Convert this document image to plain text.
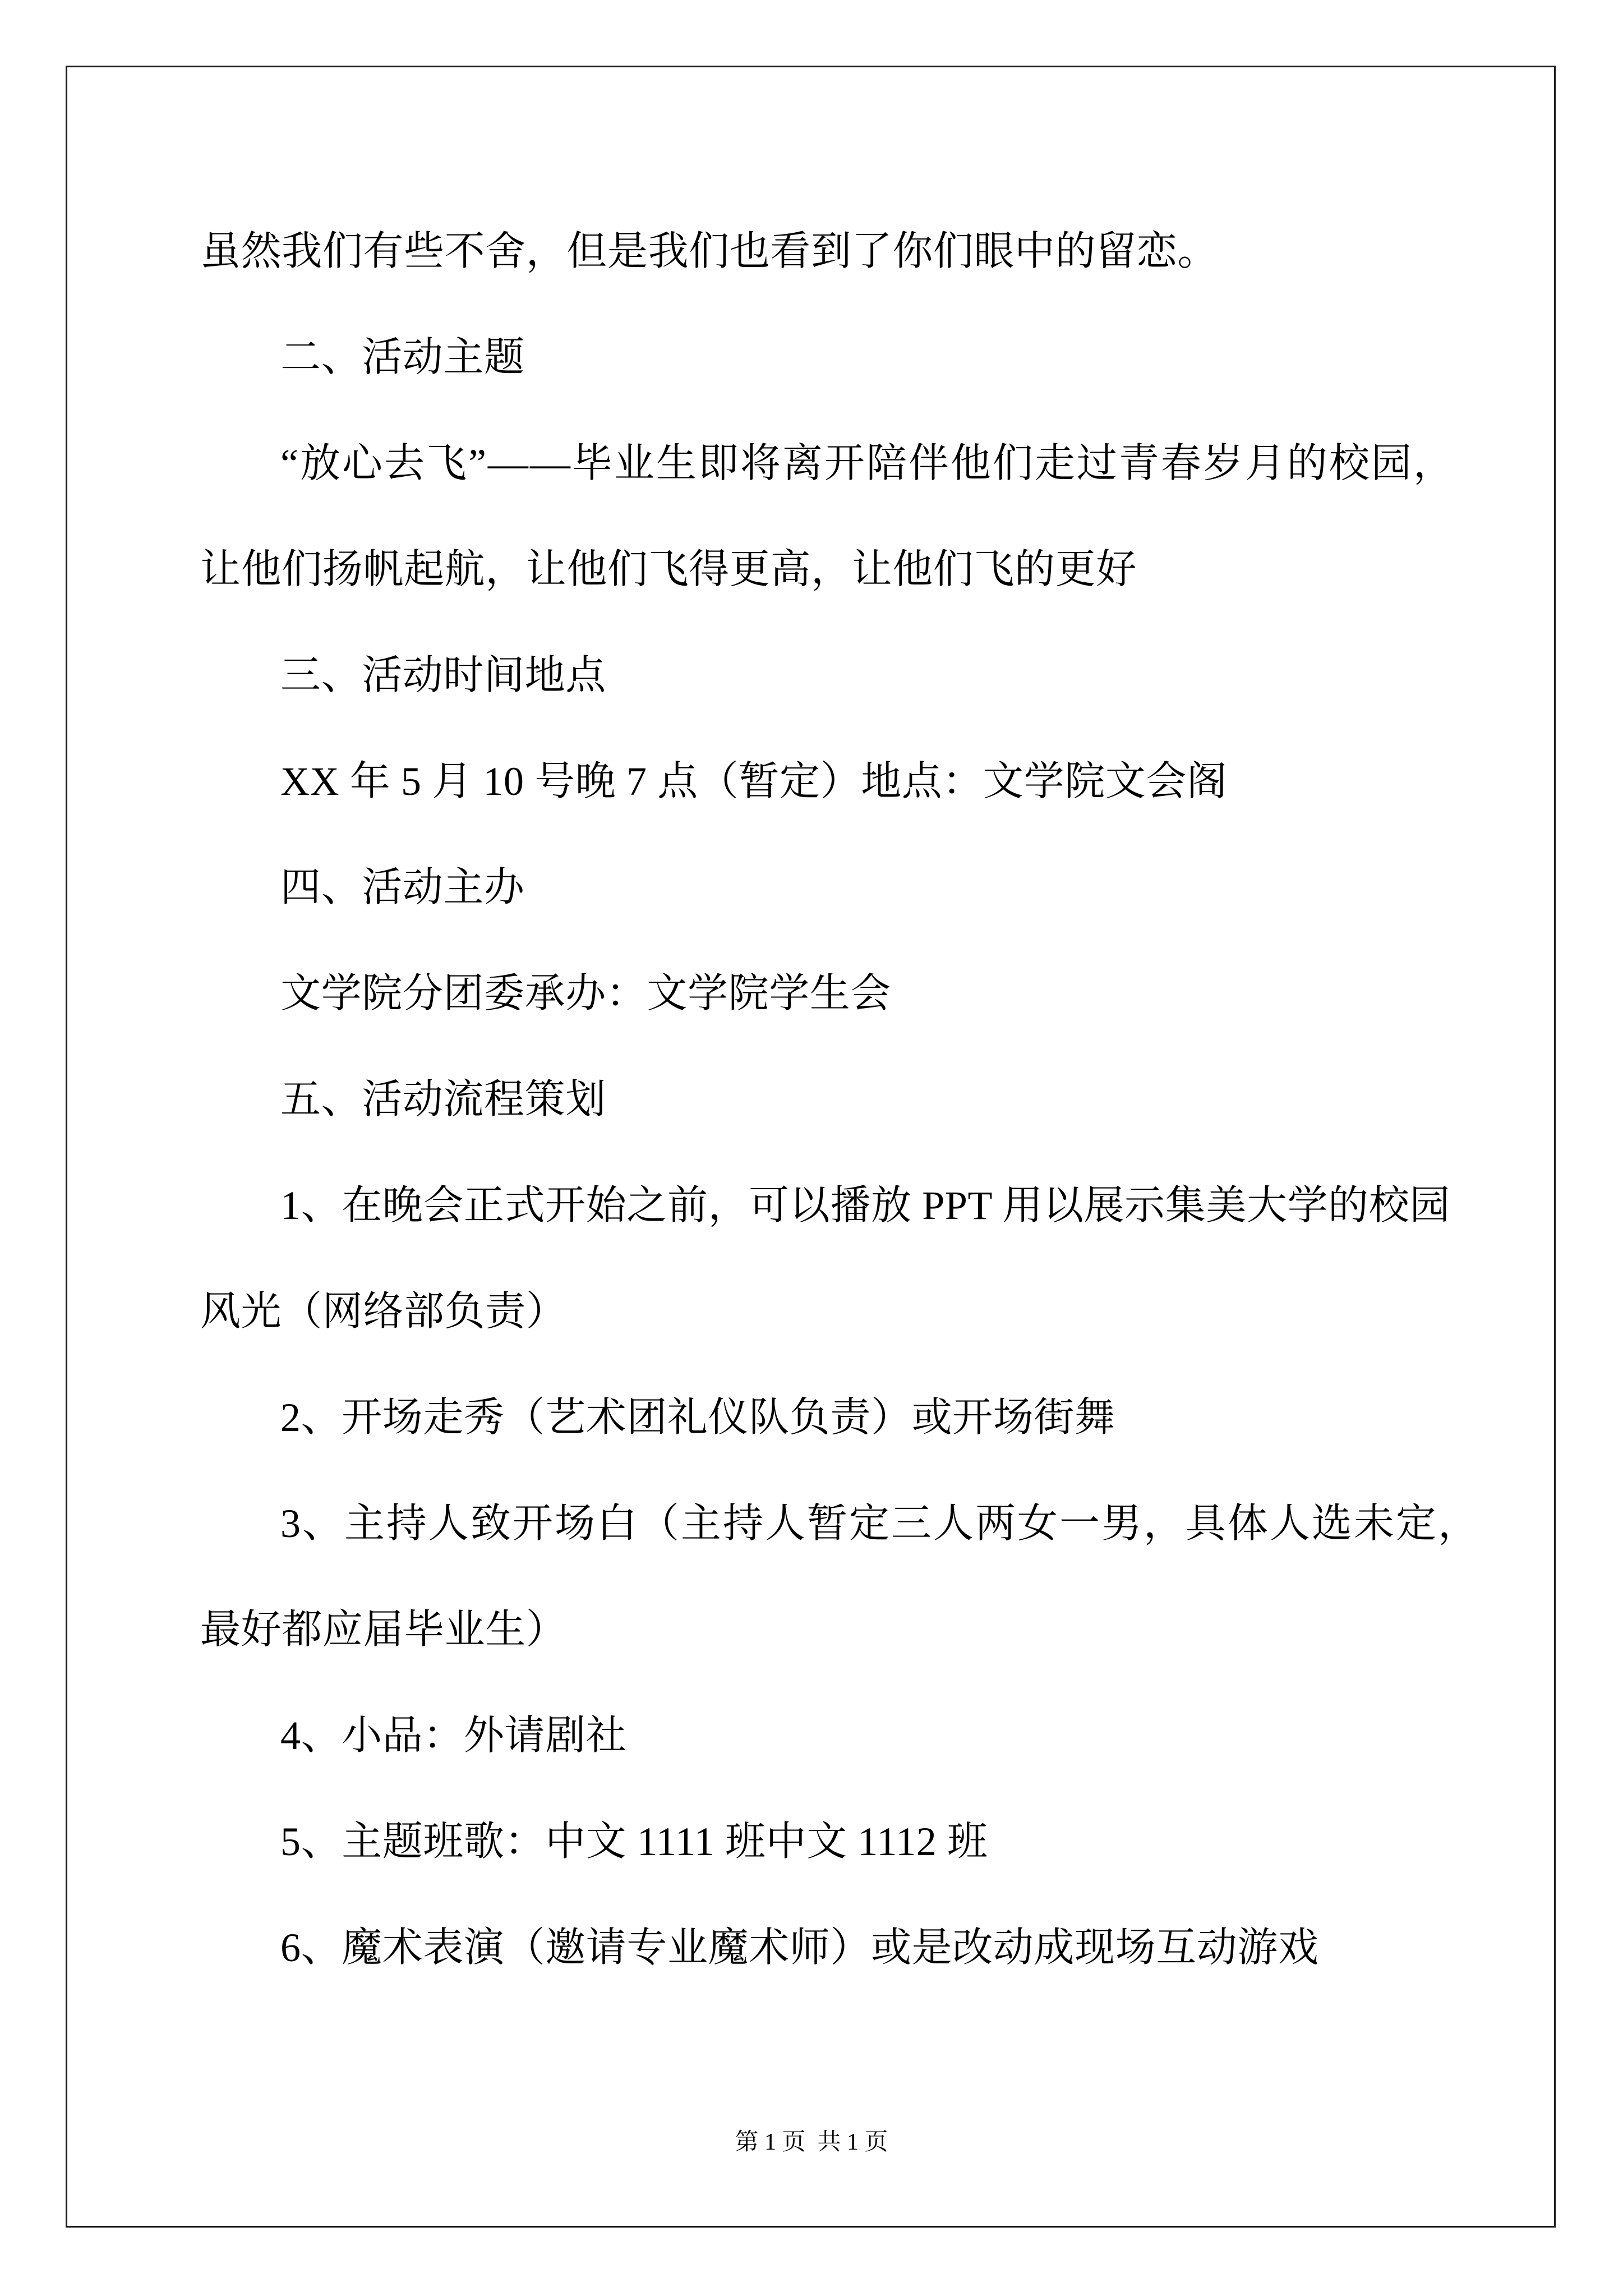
虽然我们有些不舍，但是我们也看到了你们眼中的留恋。
二、活动主题
“放心去飞”——毕业生即将离开陪伴他们走过青春岁月的校园，
让他们扬帆起航，让他们飞得更高，让他们飞的更好
三、活动时间地点
XX 年 5 月 10 号晚 7 点（暂定）地点：文学院文会阁
四、活动主办
文学院分团委承办：文学院学生会
五、活动流程策划
1、在晚会正式开始之前，可以播放 PPT 用以展示集美大学的校园
风光（网络部负责）
2、开场走秀（艺术团礼仪队负责）或开场街舞
3、主持人致开场白（主持人暂定三人两女一男，具体人选未定，
最好都应届毕业生）
4、小品：外请剧社
5、主题班歌：中文 1111 班中文 1112 班
6、魔术表演（邀请专业魔术师）或是改动成现场互动游戏
第 1 页  共 1 页
